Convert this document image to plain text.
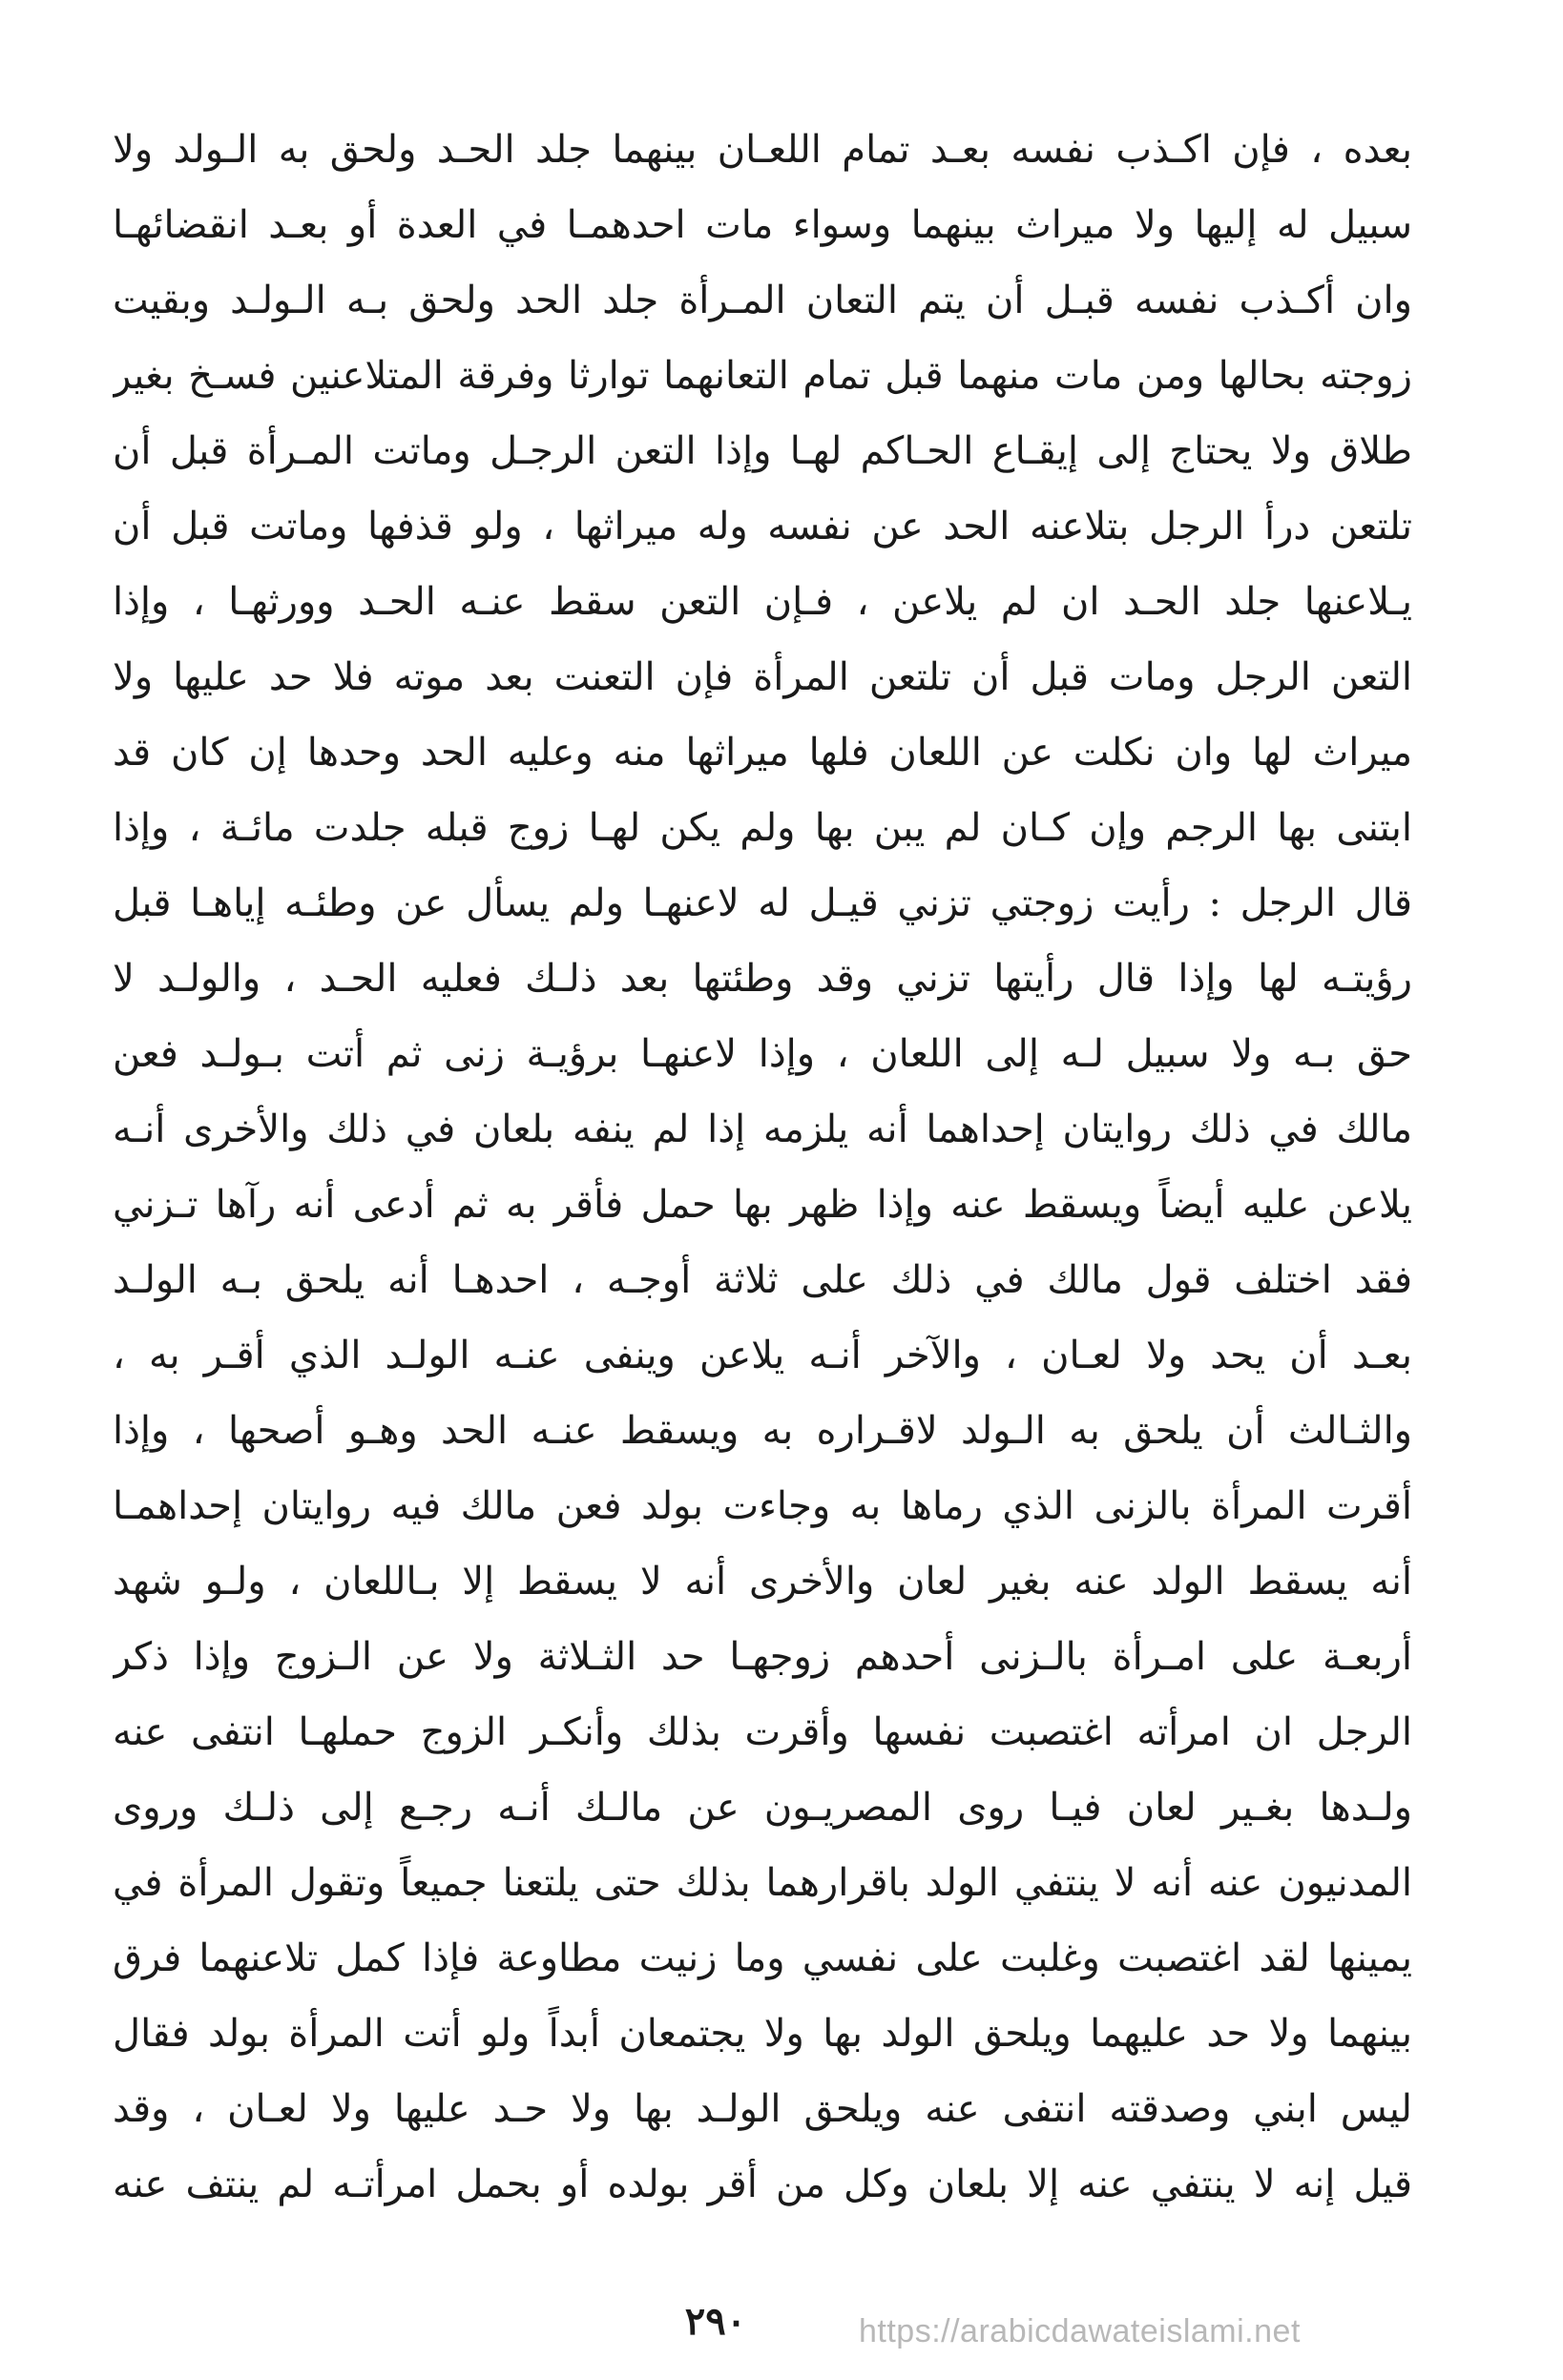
بعده ، فإن اكـذب نفسه بعـد تمام اللعـان بينهما جلد الحـد ولحق به الـولد ولا
سبيل له إليها ولا ميراث بينهما وسواء مات احدهمـا في العدة أو بعـد انقضائهـا
وان أكـذب نفسه قبـل أن يتم التعان المـرأة جلد الحد ولحق بـه الـولـد وبقيت
زوجته بحالها ومن مات منهما قبل تمام التعانهما توارثا وفرقة المتلاعنين فسـخ بغير
طلاق ولا يحتاج إلى إيقـاع الحـاكم لهـا وإذا التعن الرجـل وماتت المـرأة قبل أن
تلتعن درأ الرجل بتلاعنه الحد عن نفسه وله ميراثها ، ولو قذفها وماتت قبل أن
يـلاعنها جلد الحـد ان لم يلاعن ، فـإن التعن سقط عنـه الحـد وورثهـا ، وإذا
التعن الرجل ومات قبل أن تلتعن المرأة فإن التعنت بعد موته فلا حد عليها ولا
ميراث لها وان نكلت عن اللعان فلها ميراثها منه وعليه الحد وحدها إن كان قد
ابتنى بها الرجم وإن كـان لم يبن بها ولم يكن لهـا زوج قبله جلدت مائـة ، وإذا
قال الرجل : رأيت زوجتي تزني قيـل له لاعنهـا ولم يسأل عن وطئـه إياهـا قبل
رؤيتـه لها وإذا قال رأيتها تزني وقد وطئتها بعد ذلـك فعليه الحـد ، والولـد لا
حق بـه ولا سبيل لـه إلى اللعان ، وإذا لاعنهـا برؤيـة زنى ثم أتت بـولـد فعن
مالك في ذلك روايتان إحداهما أنه يلزمه إذا لم ينفه بلعان في ذلك والأخرى أنـه
يلاعن عليه أيضاً ويسقط عنه وإذا ظهر بها حمل فأقر به ثم أدعى أنه رآها تـزني
فقد اختلف قول مالك في ذلك على ثلاثة أوجـه ، احدهـا أنه يلحق بـه الولـد
بعـد أن يحد ولا لعـان ، والآخر أنـه يلاعن وينفى عنـه الولـد الذي أقـر به ،
والثـالث أن يلحق به الـولد لاقـراره به ويسقط عنـه الحد وهـو أصحها ، وإذا
أقرت المرأة بالزنى الذي رماها به وجاءت بولد فعن مالك فيه روايتان إحداهمـا
أنه يسقط الولد عنه بغير لعان والأخرى أنه لا يسقط إلا بـاللعان ، ولـو شهد
أربعـة على امـرأة بالـزنى أحدهم زوجهـا حد الثـلاثة ولا عن الـزوج وإذا ذكر
الرجل ان امرأته اغتصبت نفسها وأقرت بذلك وأنكـر الزوج حملهـا انتفى عنه
ولـدها بغـير لعان فيـا روى المصريـون عن مالـك أنـه رجـع إلى ذلـك وروى
المدنيون عنه أنه لا ينتفي الولد باقرارهما بذلك حتى يلتعنا جميعاً وتقول المرأة في
يمينها لقد اغتصبت وغلبت على نفسي وما زنيت مطاوعة فإذا كمل تلاعنهما فرق
بينهما ولا حد عليهما ويلحق الولد بها ولا يجتمعان أبداً ولو أتت المرأة بولد فقال
ليس ابني وصدقته انتفى عنه ويلحق الولـد بها ولا حـد عليها ولا لعـان ، وقد
قيل إنه لا ينتفي عنه إلا بلعان وكل من أقر بولده أو بحمل امرأتـه لم ينتف عنه
٢٩٠	https://arabicdawateislami.net
